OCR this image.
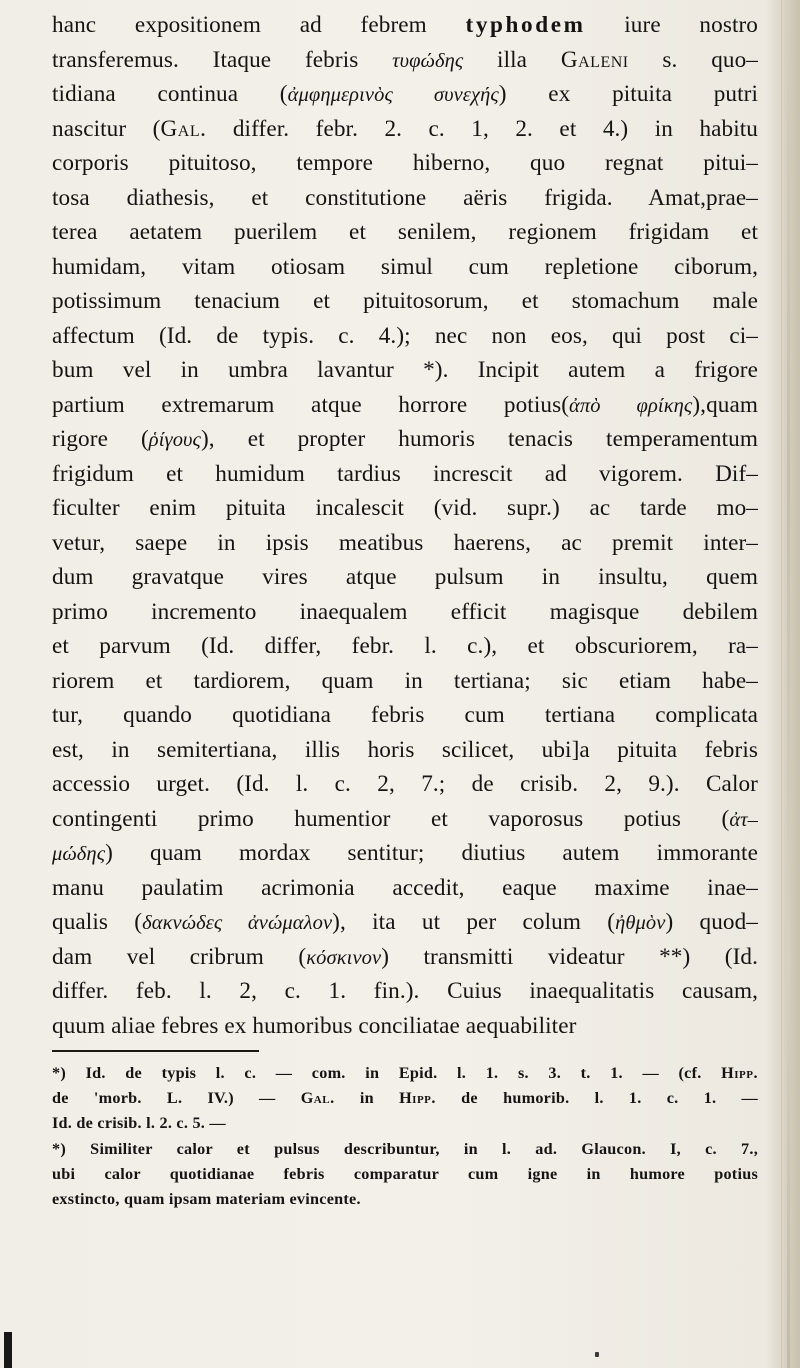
hanc expositionem ad febrem typhodem iure nostro
transferemus. Itaque febris τυφώδης illa Galeni s. quo–
tidiana continua (ἀμφημερινὸς συνεχής) ex pituita putri
nascitur (Gal. differ. febr. 2. c. 1, 2. et 4.) in habitu
corporis pituitoso, tempore hiberno, quo regnat pitui–
tosa diathesis, et constitutione aëris frigida. Amat,prae–
terea aetatem puerilem et senilem, regionem frigidam et
humidam, vitam otiosam simul cum repletione ciborum,
potissimum tenacium et pituitosorum, et stomachum male
affectum (Id. de typis. c. 4.); nec non eos, qui post ci–
bum vel in umbra lavantur *). Incipit autem a frigore
partium extremarum atque horrore potius(ἀπὸ φρίκης),quam
rigore (ῥίγους), et propter humoris tenacis temperamentum
frigidum et humidum tardius increscit ad vigorem. Dif–
ficulter enim pituita incalescit (vid. supr.) ac tarde mo–
vetur, saepe in ipsis meatibus haerens, ac premit inter–
dum gravatque vires atque pulsum in insultu, quem
primo incremento inaequalem efficit magisque debilem
et parvum (Id. differ, febr. l. c.), et obscuriorem, ra–
riorem et tardiorem, quam in tertiana; sic etiam habe–
tur, quando quotidiana febris cum tertiana complicata
est, in semitertiana, illis horis scilicet, ubi]a pituita febris
accessio urget. (Id. l. c. 2, 7.; de crisib. 2, 9.). Calor
contingenti primo humentior et vaporosus potius (ἀτ–
μώδης) quam mordax sentitur; diutius autem immorante
manu paulatim acrimonia accedit, eaque maxime inae–
qualis (δακνώδες ἀνώμαλον), ita ut per colum (ἠθμὸν) quod–
dam vel cribrum (κόσκινον) transmitti videatur **) (Id.
differ. feb. l. 2, c. 1. fin.). Cuius inaequalitatis causam,
quum aliae febres ex humoribus conciliatae aequabiliter
*) Id. de typis l. c. — com. in Epid. l. 1. s. 3. t. 1. — (cf. Hipp.
de 'morb. L. IV.) — Gal. in Hipp. de humorib. l. 1. c. 1. —
Id. de crisib. l. 2. c. 5. —
*) Similiter calor et pulsus describuntur, in l. ad. Glaucon. I, c. 7.,
ubi calor quotidianae febris comparatur cum igne in humore potius
exstincto, quam ipsam materiam evincente.
